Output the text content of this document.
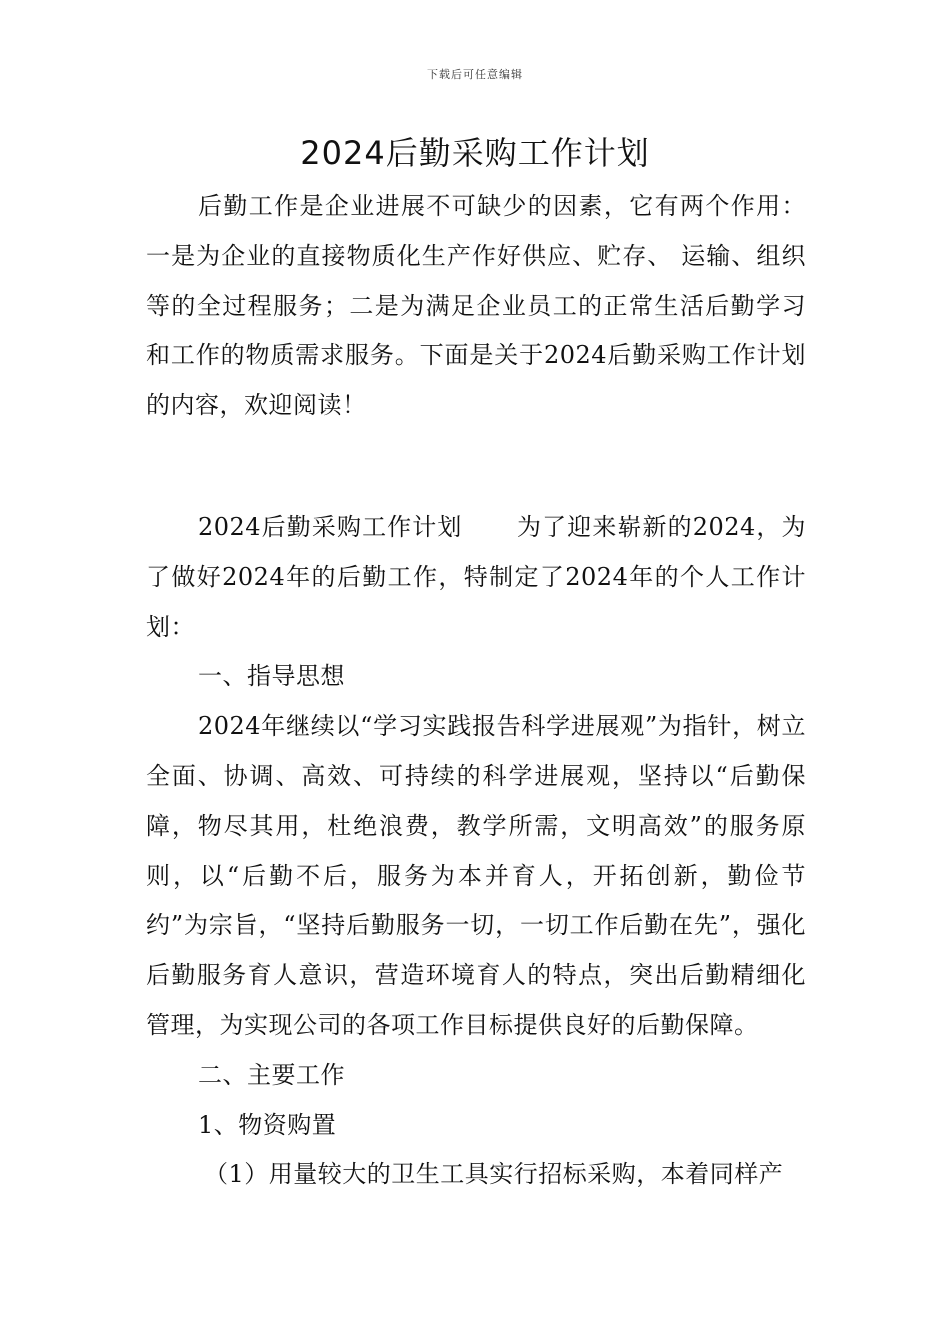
下载后可任意编辑
2024后勤采购工作计划

后勤工作是企业进展不可缺少的因素，它有两个作用：一是为企业的直接物质化生产作好供应、贮存、 运输、组织等的全过程服务；二是为满足企业员工的正常生活后勤学习和工作的物质需求服务。下面是关于2024后勤采购工作计划的内容，欢迎阅读！

2024后勤采购工作计划 为了迎来崭新的2024，为了做好2024年的后勤工作，特制定了2024年的个人工作计划：

一、指导思想

2024年继续以“学习实践报告科学进展观”为指针，树立全面、协调、高效、可持续的科学进展观，坚持以“后勤保障，物尽其用，杜绝浪费，教学所需，文明高效”的服务原则，以“后勤不后，服务为本并育人，开拓创新，勤俭节约”为宗旨，“坚持后勤服务一切，一切工作后勤在先”，强化后勤服务育人意识，营造环境育人的特点，突出后勤精细化管理，为实现公司的各项工作目标提供良好的后勤保障。

二、主要工作

1、物资购置

（1）用量较大的卫生工具实行招标采购，本着同样产
